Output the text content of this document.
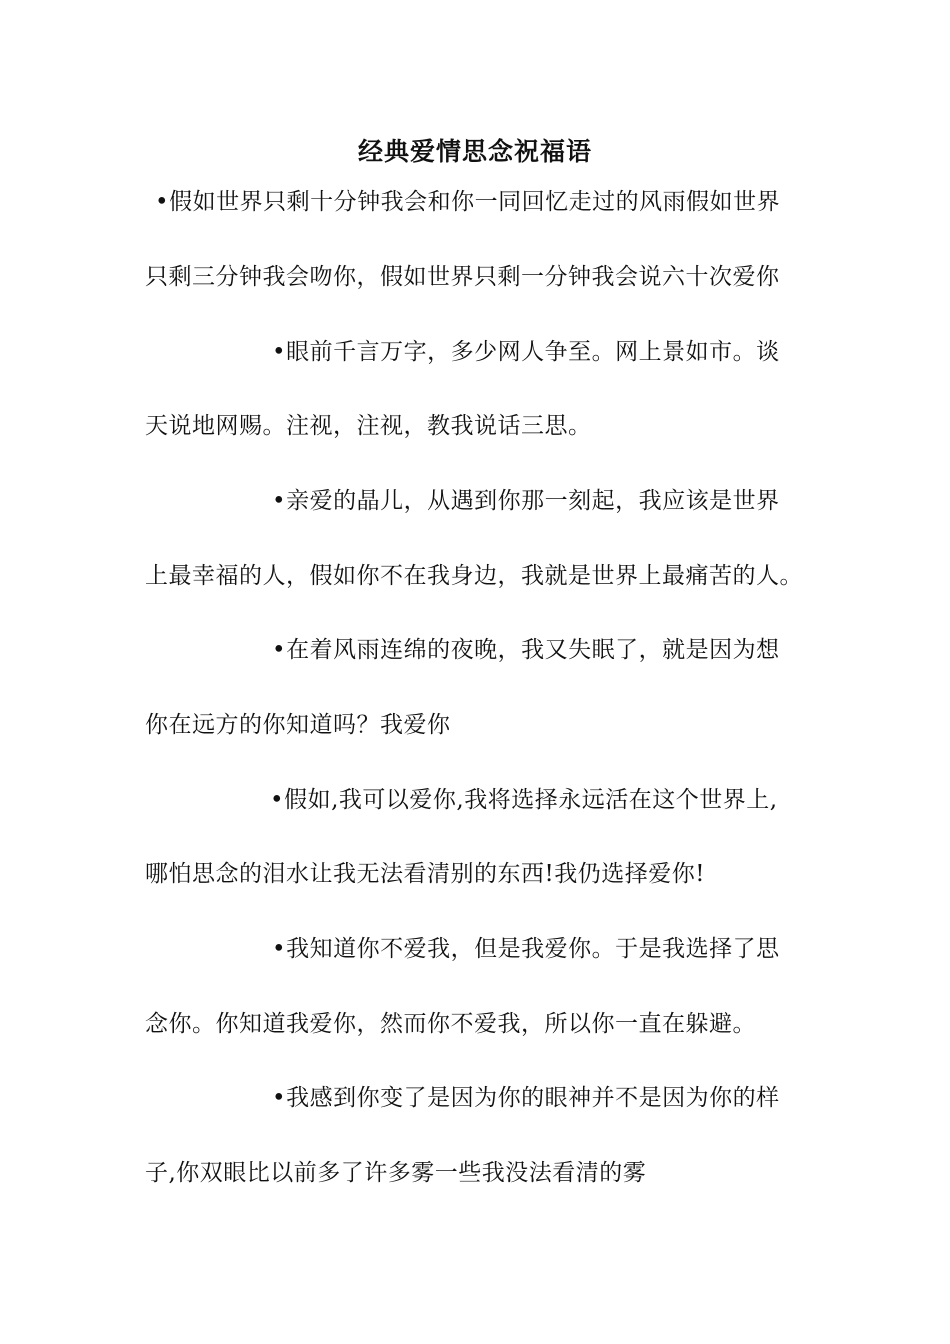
经典爱情思念祝福语
•假如世界只剩十分钟我会和你一同回忆走过的风雨假如世界
只剩三分钟我会吻你，假如世界只剩一分钟我会说六十次爱你
•眼前千言万字，多少网人争至。网上景如市。谈
天说地网赐。注视，注视，教我说话三思。
•亲爱的晶儿，从遇到你那一刻起，我应该是世界
上最幸福的人，假如你不在我身边，我就是世界上最痛苦的人。
•在着风雨连绵的夜晚，我又失眠了，就是因为想
你在远方的你知道吗？我爱你
•假如,我可以爱你,我将选择永远活在这个世界上,
哪怕思念的泪水让我无法看清别的东西!我仍选择爱你!
•我知道你不爱我，但是我爱你。于是我选择了思
念你。你知道我爱你，然而你不爱我，所以你一直在躲避。
•我感到你变了是因为你的眼神并不是因为你的样
子,你双眼比以前多了许多雾一些我没法看清的雾
